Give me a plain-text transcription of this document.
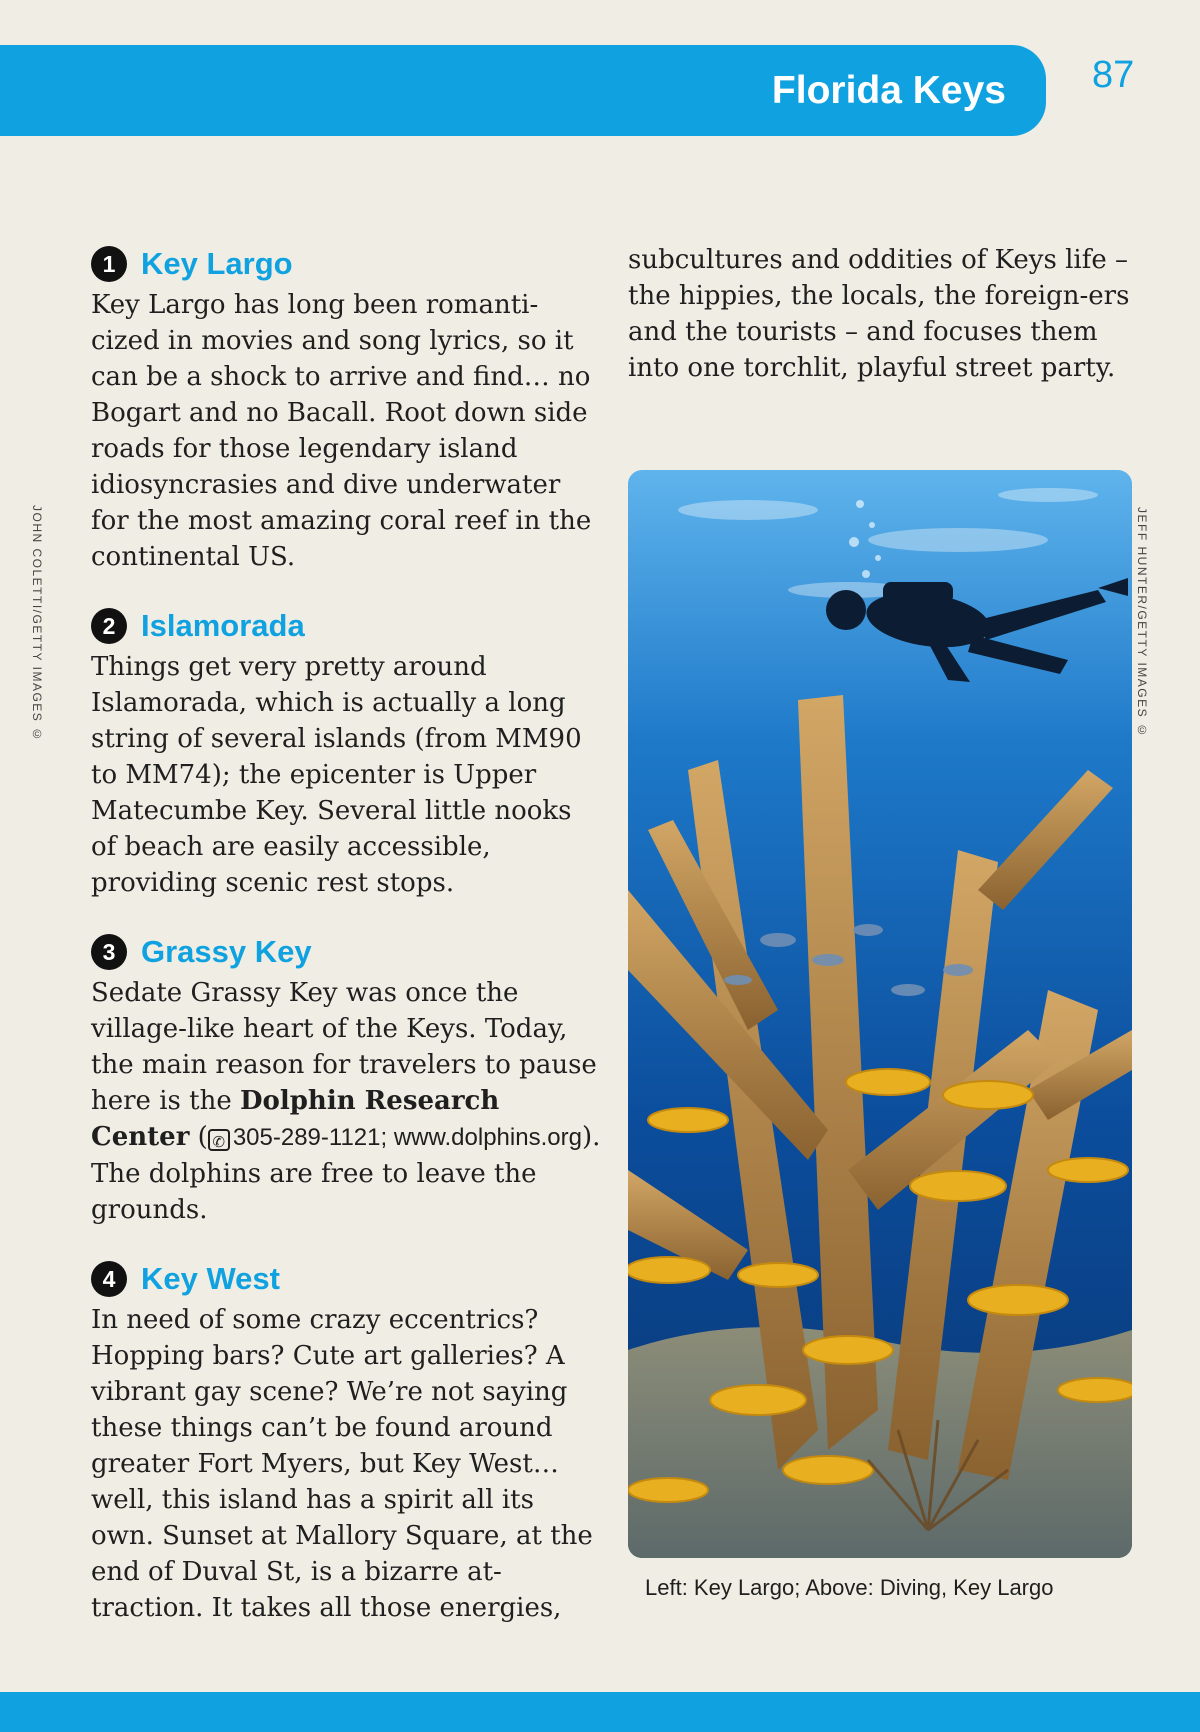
Florida Keys 87
JOHN COLETTI/GETTY IMAGES ©
1 Key Largo

Key Largo has long been romanti-cized in movies and song lyrics, so it can be a shock to arrive and find… no Bogart and no Bacall. Root down side roads for those legendary island idiosyncrasies and dive underwater for the most amazing coral reef in the continental US.

2 Islamorada

Things get very pretty around Islamorada, which is actually a long string of several islands (from MM90 to MM74); the epicenter is Upper Matecumbe Key. Several little nooks of beach are easily accessible, providing scenic rest stops.

3 Grassy Key

Sedate Grassy Key was once the village-like heart of the Keys. Today, the main reason for travelers to pause here is the Dolphin Research Center ( ✆ 305-289-1121; www.dolphins.org). The dolphins are free to leave the grounds.

4 Key West

In need of some crazy eccentrics? Hopping bars? Cute art galleries? A vibrant gay scene? We’re not saying these things can’t be found around greater Fort Myers, but Key West… well, this island has a spirit all its own. Sunset at Mallory Square, at the end of Duval St, is a bizarre at-traction. It takes all those energies,

subcultures and oddities of Keys life – the hippies, the locals, the foreign-ers and the tourists – and focuses them into one torchlit, playful street party.

JEFF HUNTER/GETTY IMAGES ©
Left: Key Largo; Above: Diving, Key Largo
